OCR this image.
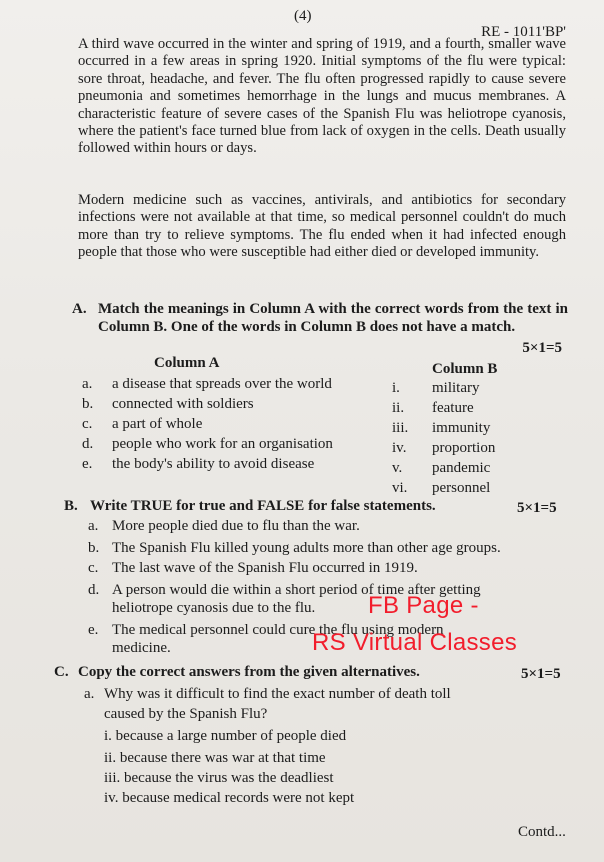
(4)
RE - 1011'BP'

A third wave occurred in the winter and spring of 1919, and a fourth, smaller wave occurred in a few areas in spring 1920. Initial symptoms of the flu were typical: sore throat, headache, and fever. The flu often progressed rapidly to cause severe pneumonia and sometimes hemorrhage in the lungs and mucus membranes. A characteristic feature of severe cases of the Spanish Flu was heliotrope cyanosis, where the patient's face turned blue from lack of oxygen in the cells. Death usually followed within hours or days.

Modern medicine such as vaccines, antivirals, and antibiotics for secondary infections were not available at that time, so medical personnel couldn't do much more than try to relieve symptoms. The flu ended when it had infected enough people that those who were susceptible had either died or developed immunity.

A. Match the meanings in Column A with the correct words from the text in Column B. One of the words in Column B does not have a match.
5×1=5
Column A	Column B
a.	a disease that spreads over the world
b.	connected with soldiers
c.	a part of whole
d.	people who work for an organisation
e.	the body's ability to avoid disease
i.	military
ii.	feature
iii.	immunity
iv.	proportion
v.	pandemic
vi.	personnel
B. Write TRUE for true and FALSE for false statements.	5×1=5
a. More people died due to flu than the war.
b. The Spanish Flu killed young adults more than other age groups.
c. The last wave of the Spanish Flu occurred in 1919.
d. A person would die within a short period of time after getting
heliotrope cyanosis due to the flu.
e. The medical personnel could cure the flu using modern
medicine.
C. Copy the correct answers from the given alternatives.	5×1=5
a. Why was it difficult to find the exact number of death toll
caused by the Spanish Flu?
i. because a large number of people died
ii. because there was war at that time
iii. because the virus was the deadliest
iv. because medical records were not kept
Contd...
FB Page -
RS Virtual Classes
